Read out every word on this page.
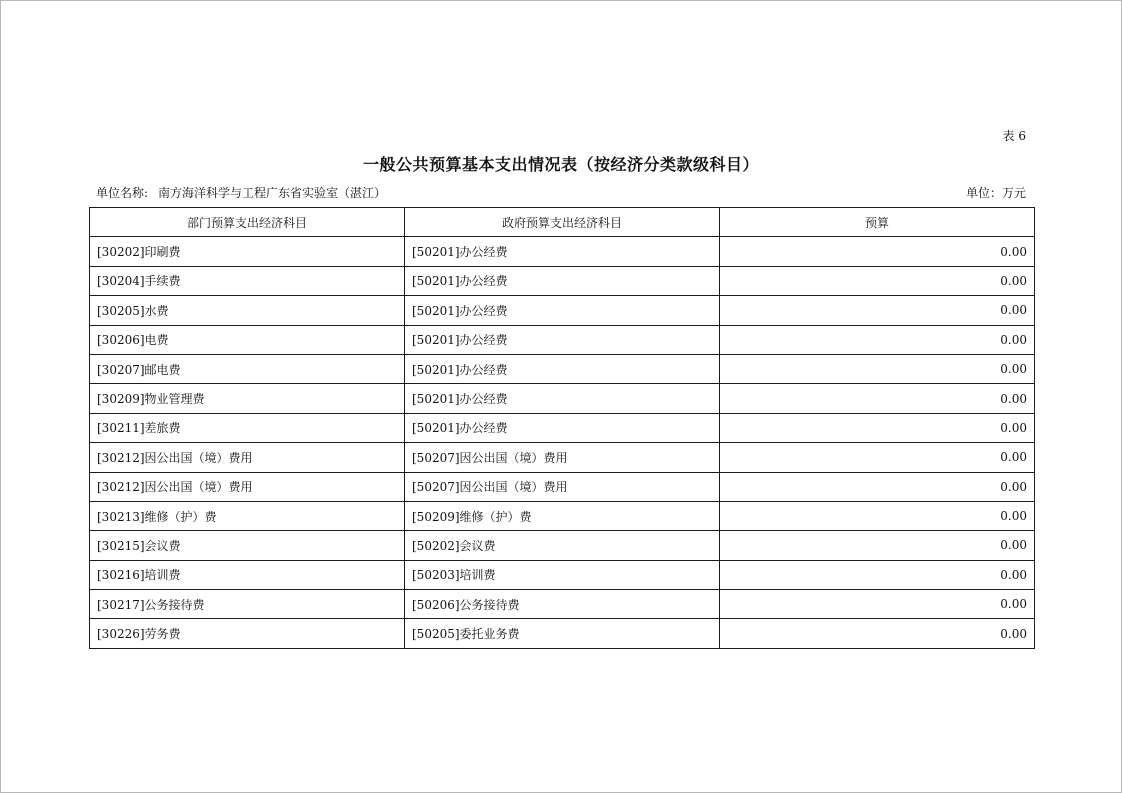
表 6
一般公共预算基本支出情况表（按经济分类款级科目）
单位名称: 南方海洋科学与工程广东省实验室（湛江）	单位：万元
部门预算支出经济科目	政府预算支出经济科目	预算
[30202]印刷费	[50201]办公经费	0.00
[30204]手续费	[50201]办公经费	0.00
[30205]水费	[50201]办公经费	0.00
[30206]电费	[50201]办公经费	0.00
[30207]邮电费	[50201]办公经费	0.00
[30209]物业管理费	[50201]办公经费	0.00
[30211]差旅费	[50201]办公经费	0.00
[30212]因公出国（境）费用	[50207]因公出国（境）费用	0.00
[30212]因公出国（境）费用	[50207]因公出国（境）费用	0.00
[30213]维修（护）费	[50209]维修（护）费	0.00
[30215]会议费	[50202]会议费	0.00
[30216]培训费	[50203]培训费	0.00
[30217]公务接待费	[50206]公务接待费	0.00
[30226]劳务费	[50205]委托业务费	0.00
